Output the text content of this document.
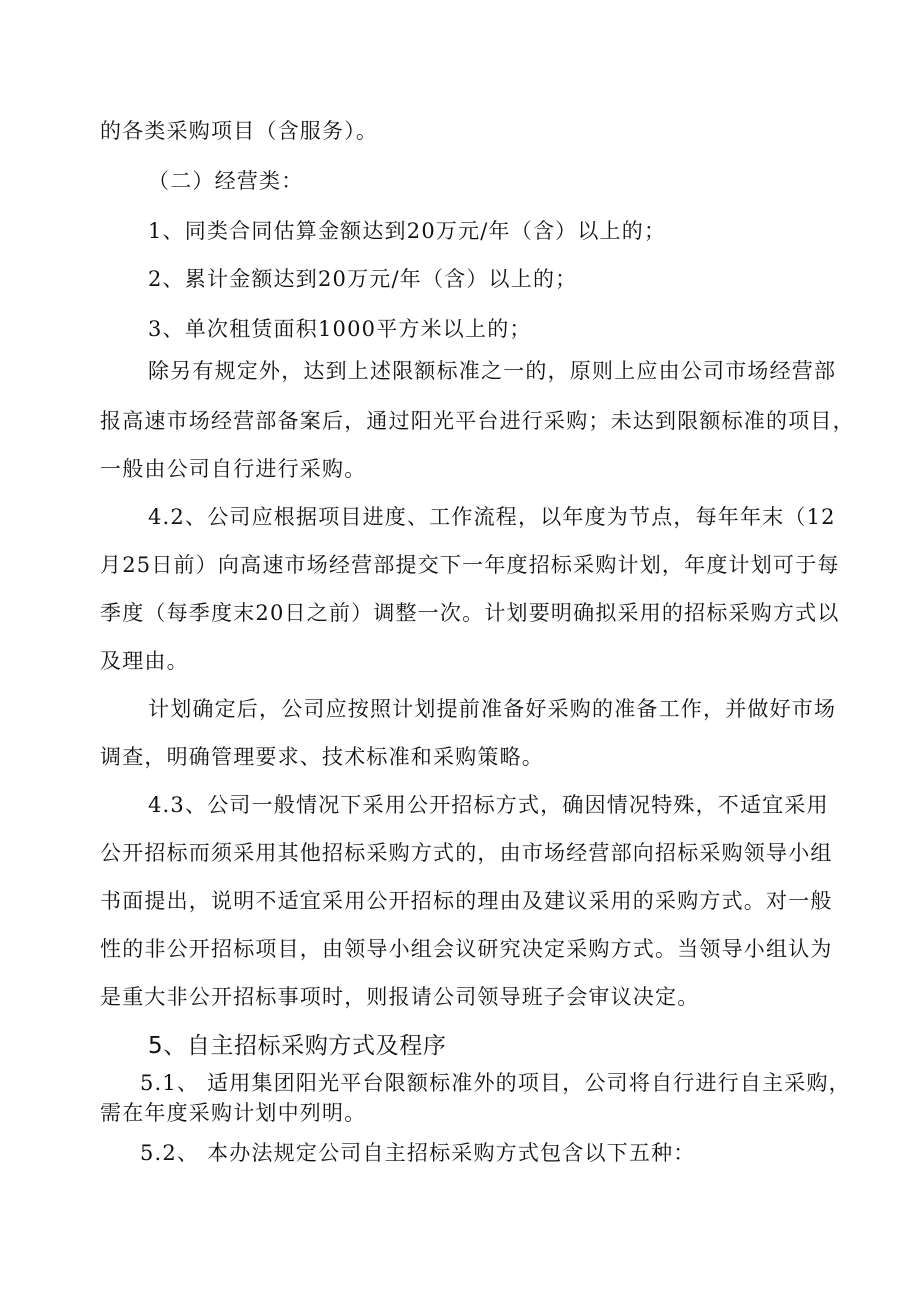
的各类采购项目（含服务）。
（二）经营类：
1、同类合同估算金额达到20万元/年（含）以上的；
2、累计金额达到20万元/年（含）以上的；
3、单次租赁面积1000平方米以上的；
除另有规定外，达到上述限额标准之一的，原则上应由公司市场经营部
报高速市场经营部备案后，通过阳光平台进行采购；未达到限额标准的项目，
一般由公司自行进行采购。
4.2、公司应根据项目进度、工作流程，以年度为节点，每年年末（12
月25日前）向高速市场经营部提交下一年度招标采购计划，年度计划可于每
季度（每季度末20日之前）调整一次。计划要明确拟采用的招标采购方式以
及理由。
计划确定后，公司应按照计划提前准备好采购的准备工作，并做好市场
调查，明确管理要求、技术标准和采购策略。
4.3、公司一般情况下采用公开招标方式，确因情况特殊，不适宜采用
公开招标而须采用其他招标采购方式的，由市场经营部向招标采购领导小组
书面提出，说明不适宜采用公开招标的理由及建议采用的采购方式。对一般
性的非公开招标项目，由领导小组会议研究决定采购方式。当领导小组认为
是重大非公开招标事项时，则报请公司领导班子会审议决定。
5、自主招标采购方式及程序
5.1、 适用集团阳光平台限额标准外的项目，公司将自行进行自主采购，
需在年度采购计划中列明。
5.2、 本办法规定公司自主招标采购方式包含以下五种：
